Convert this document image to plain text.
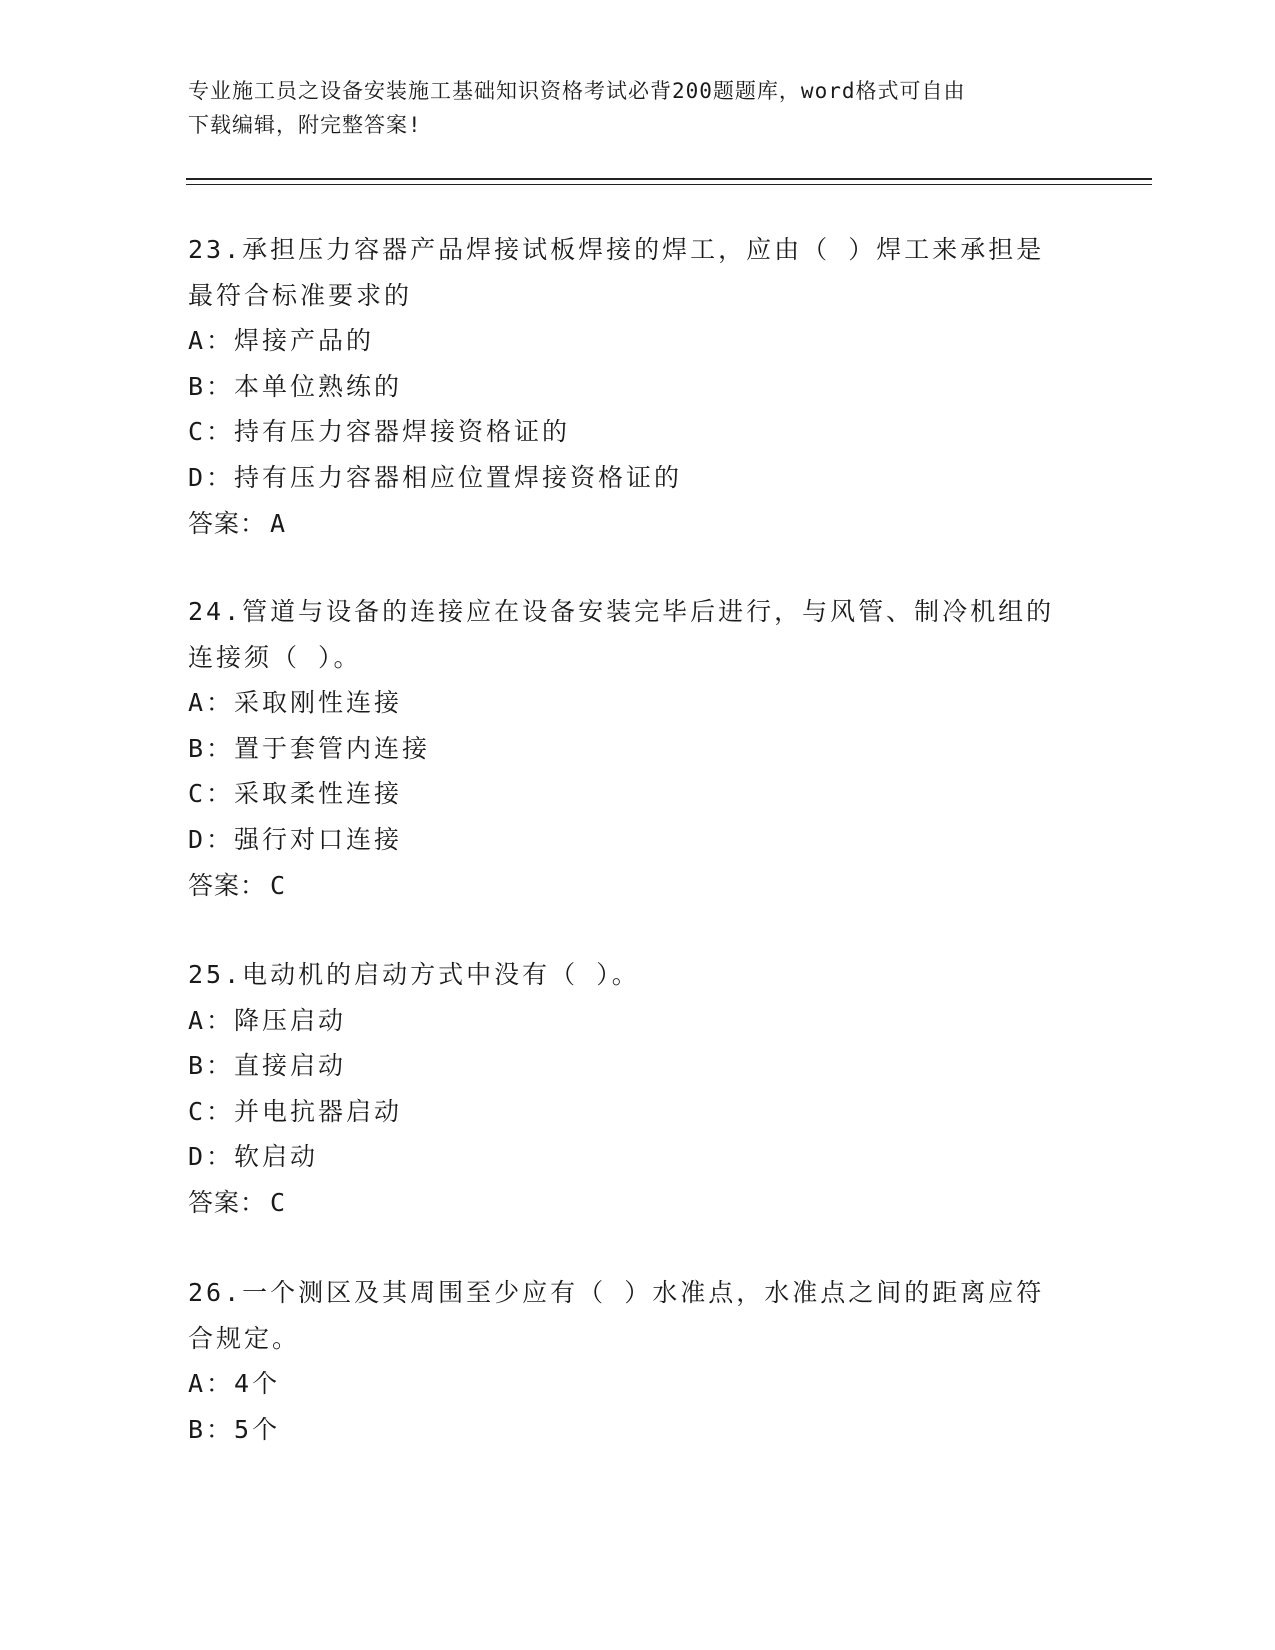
专业施工员之设备安装施工基础知识资格考试必背200题题库，word格式可自由
下载编辑，附完整答案!
23.承担压力容器产品焊接试板焊接的焊工，应由（ ）焊工来承担是
最符合标准要求的
A：焊接产品的
B：本单位熟练的
C：持有压力容器焊接资格证的
D：持有压力容器相应位置焊接资格证的
答案： A
24.管道与设备的连接应在设备安装完毕后进行，与风管、制冷机组的
连接须（ ）。
A：采取刚性连接
B：置于套管内连接
C：采取柔性连接
D：强行对口连接
答案： C
25.电动机的启动方式中没有（ ）。
A：降压启动
B：直接启动
C：并电抗器启动
D：软启动
答案： C
26.一个测区及其周围至少应有（ ）水准点，水准点之间的距离应符
合规定。
A：4个
B：5个
